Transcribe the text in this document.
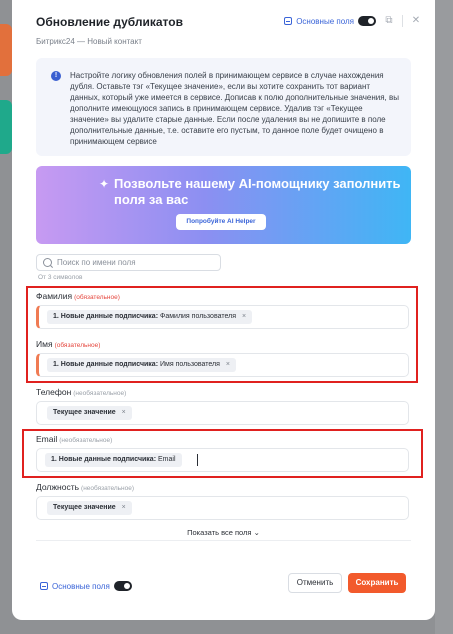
Обновление дубликатов
Битрикс24 — Новый контакт
Основные поля	⧉ ✕
!	Настройте логику обновления полей в принимающем сервисе в случае нахождения дубля. Оставьте тэг «Текущее значение», если вы хотите сохранить тот вариант данных, который уже имеется в сервисе. Дописав к полю дополнительные значения, вы дополните имеющуюся запись в принимающем сервисе. Удалив тэг «Текущее значение» вы удалите старые данные. Если после удаления вы не допишите в поле дополнительные данные, т.е. оставите его пустым, то данное поле будет очищено в принимающем сервисе
✦ Позвольте нашему AI-помощнику заполнить поля за вас
Попробуйте AI Helper
Поиск по имени поля
От 3 символов
Фамилия (обязательное)
1. Новые данные подписчика: Фамилия пользователя ×
Имя (обязательное)
1. Новые данные подписчика: Имя пользователя ×
Телефон (необязательное)
Текущее значение ×
Email (необязательное)
1. Новые данные подписчика: Email
Должность (необязательное)
Текущее значение ×
Показать все поля ⌄
Основные поля	Отменить	Сохранить
